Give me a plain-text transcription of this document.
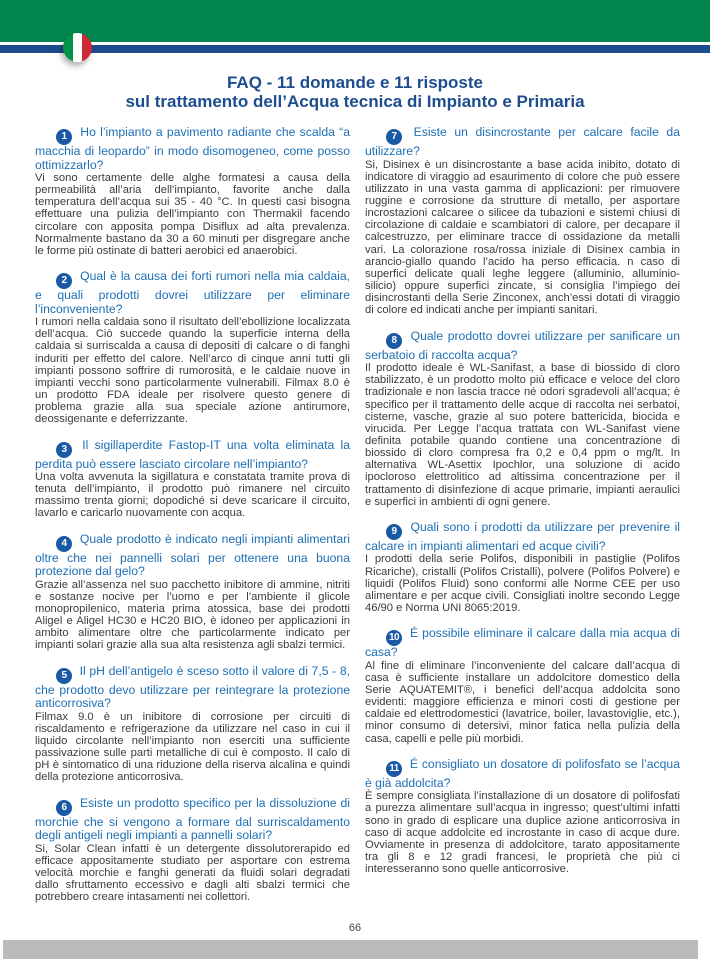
FAQ - 11 domande e 11 risposte
sul trattamento dell’Acqua tecnica di Impianto e Primaria

1 Ho l’impianto a pavimento radiante che scalda “a macchia di leopardo” in modo disomogeneo, come posso ottimizzarlo?

Vi sono certamente delle alghe formatesi a causa della permeabilità all’aria dell’impianto, favorite anche dalla temperatura dell’acqua sui 35 - 40 °C. In questi casi bisogna effettuare una pulizia dell’impianto con Thermakil facendo circolare con apposita pompa Disiflux ad alta prevalenza. Normalmente bastano da 30 a 60 minuti per disgregare anche le forme più ostinate di batteri aerobici ed anaerobici.

2 Qual è la causa dei forti rumori nella mia caldaia, e quali prodotti dovrei utilizzare per eliminare l’inconveniente?

I rumori nella caldaia sono il risultato dell’ebollizione localizzata dell’acqua. Ciò succede quando la superficie interna della caldaia si surriscalda a causa di depositi di calcare o di fanghi induriti per effetto del calore. Nell’arco di cinque anni tutti gli impianti possono soffrire di rumorosità, e le caldaie nuove in impianti vecchi sono particolarmente vulnerabili. Filmax 8.0 è un prodotto FDA ideale per risolvere questo genere di problema grazie alla sua speciale azione antirumore, deossigenante e deferrizzante.

3 Il sigillaperdite Fastop-IT una volta eliminata la perdita può essere lasciato circolare nell’impianto?

Una volta avvenuta la sigillatura e constatata tramite prova di tenuta dell’impianto, il prodotto può rimanere nel circuito massimo trenta giorni; dopodiché si deve scaricare il circuito, lavarlo e caricarlo nuovamente con acqua.

4 Quale prodotto è indicato negli impianti alimentari oltre che nei pannelli solari per ottenere una buona protezione dal gelo?

Grazie all’assenza nel suo pacchetto inibitore di ammine, nitriti e sostanze nocive per l’uomo e per l’ambiente il glicole monopropilenico, materia prima atossica, base dei prodotti Aligel e Aligel HC30 e HC20 BIO, è idoneo per applicazioni in ambito alimentare oltre che particolarmente indicato per impianti solari grazie alla sua alta resistenza agli sbalzi termici.

5 Il pH dell’antigelo è sceso sotto il valore di 7,5 - 8, che prodotto devo utilizzare per reintegrare la protezione anticorrosiva?

Filmax 9.0 è un inibitore di corrosione per circuiti di riscaldamento e refrigerazione da utilizzare nel caso in cui il liquido circolante nell’impianto non eserciti una sufficiente passivazione sulle parti metalliche di cui è composto. Il calo di pH è sintomatico di una riduzione della riserva alcalina e quindi della protezione anticorrosiva.

6 Esiste un prodotto specifico per la dissoluzione di morchie che si vengono a formare dal surriscaldamento degli antigeli negli impianti a pannelli solari?

Si, Solar Clean infatti è un detergente dissolutorerapido ed efficace appositamente studiato per asportare con estrema velocità morchie e fanghi generati da fluidi solari degradati dallo sfruttamento eccessivo e dagli alti sbalzi termici che potrebbero creare intasamenti nei collettori.

7 Esiste un disincrostante per calcare facile da utilizzare?

Si, Disinex è un disincrostante a base acida inibito, dotato di indicatore di viraggio ad esaurimento di colore che può essere utilizzato in una vasta gamma di applicazioni: per rimuovere ruggine e corrosione da strutture di metallo, per asportare incrostazioni calcaree o silicee da tubazioni e sistemi chiusi di circolazione di caldaie e scambiatori di calore, per decapare il calcestruzzo, per eliminare tracce di ossidazione da metalli vari. La colorazione rosa/rossa iniziale di Disinex cambia in arancio-giallo quando l’acido ha perso efficacia. n caso di superfici delicate quali leghe leggere (alluminio, alluminio-silicio) oppure superfici zincate, si consiglia l’impiego dei disincrostanti della Serie Zinconex, anch’essi dotati di viraggio di colore ed indicati anche per impianti sanitari.

8 Quale prodotto dovrei utilizzare per sanificare un serbatoio di raccolta acqua?

Il prodotto ideale è WL-Sanifast, a base di biossido di cloro stabilizzato, è un prodotto molto più efficace e veloce del cloro tradizionale e non lascia tracce né odori sgradevoli all’acqua; è specifico per il trattamento delle acque di raccolta nei serbatoi, cisterne, vasche, grazie al suo potere battericida, biocida e virucida. Per Legge l’acqua trattata con WL-Sanifast viene definita potabile quando contiene una concentrazione di biossido di cloro compresa fra 0,2 e 0,4 ppm o mg/lt. In alternativa WL-Asettix Ipochlor, una soluzione di acido ipocloroso elettrolitico ad altissima concentrazione per il trattamento di disinfezione di acque primarie, impianti aeraulici e superfici in ambienti di ogni genere.

9 Quali sono i prodotti da utilizzare per prevenire il calcare in impianti alimentari ed acque civili?

I prodotti della serie Polifos, disponibili in pastiglie (Polifos Ricariche), cristalli (Polifos Cristalli), polvere (Polifos Polvere) e liquidi (Polifos Fluid) sono conformi alle Norme CEE per uso alimentare e per acque civili. Consigliati inoltre secondo Legge 46/90 e Norma UNI 8065:2019.

10 É possibile eliminare il calcare dalla mia acqua di casa?

Al fine di eliminare l’inconveniente del calcare dall’acqua di casa è sufficiente installare un addolcitore domestico della Serie AQUATEMIT®, i benefici dell’acqua addolcita sono evidenti: maggiore efficienza e minori costi di gestione per caldaie ed elettrodomestici (lavatrice, boiler, lavastoviglie, etc.), minor consumo di detersivi, minor fatica nella pulizia della casa, capelli e pelle più morbidi.

11 É consigliato un dosatore di polifosfato se l’acqua è già addolcita?

È sempre consigliata l’installazione di un dosatore di polifosfati a purezza alimentare sull’acqua in ingresso; quest’ultimi infatti sono in grado di esplicare una duplice azione anticorrosiva in caso di acque addolcite ed incrostante in caso di acque dure. Ovviamente in presenza di addolcitore, tarato appositamente tra gli 8 e 12 gradi francesi, le proprietà che più ci interesseranno sono quelle anticorrosive.

66
